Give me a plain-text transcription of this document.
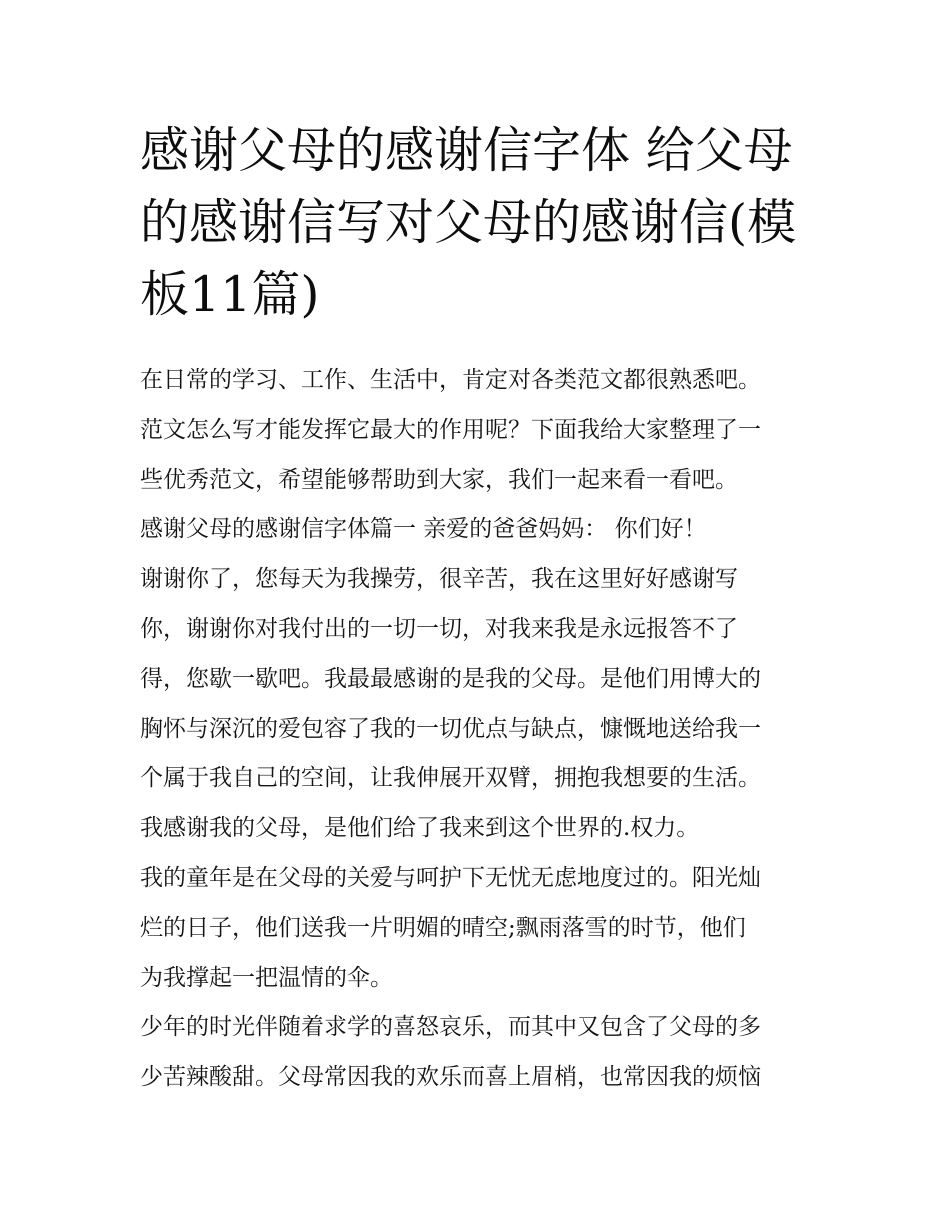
感谢父母的感谢信字体 给父母
的感谢信写对父母的感谢信(模
板11篇)
在日常的学习、工作、生活中，肯定对各类范文都很熟悉吧。
范文怎么写才能发挥它最大的作用呢？下面我给大家整理了一
些优秀范文，希望能够帮助到大家，我们一起来看一看吧。
感谢父母的感谢信字体篇一 亲爱的爸爸妈妈： 你们好！
谢谢你了，您每天为我操劳，很辛苦，我在这里好好感谢写
你，谢谢你对我付出的一切一切，对我来我是永远报答不了
得，您歇一歇吧。我最最感谢的是我的父母。是他们用博大的
胸怀与深沉的爱包容了我的一切优点与缺点，慷慨地送给我一
个属于我自己的空间，让我伸展开双臂，拥抱我想要的生活。
我感谢我的父母，是他们给了我来到这个世界的.权力。
我的童年是在父母的关爱与呵护下无忧无虑地度过的。阳光灿
烂的日子，他们送我一片明媚的晴空;飘雨落雪的时节，他们
为我撑起一把温情的伞。
少年的时光伴随着求学的喜怒哀乐，而其中又包含了父母的多
少苦辣酸甜。父母常因我的欢乐而喜上眉梢，也常因我的烦恼
